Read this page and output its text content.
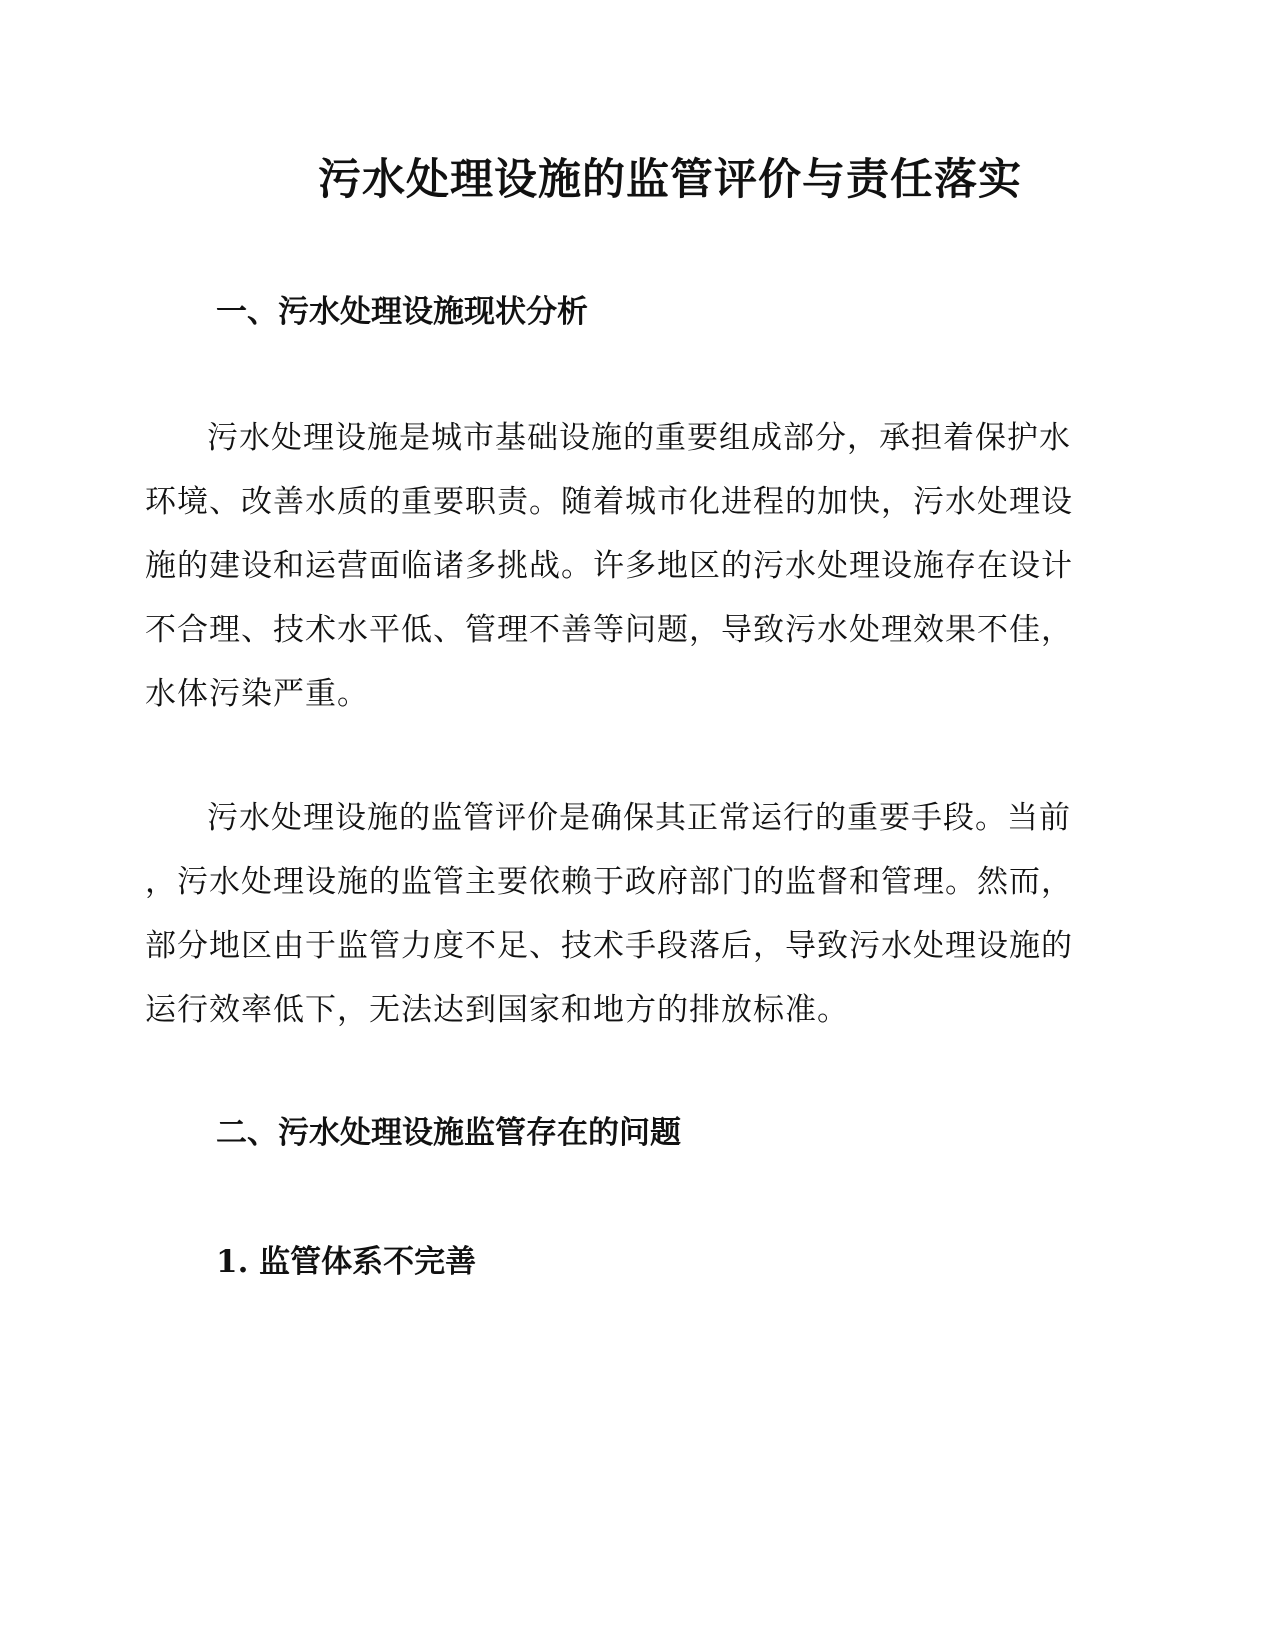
污水处理设施的监管评价与责任落实
一、污水处理设施现状分析

污水处理设施是城市基础设施的重要组成部分，承担着保护水

环境、改善水质的重要职责。随着城市化进程的加快，污水处理设

施的建设和运营面临诸多挑战。许多地区的污水处理设施存在设计

不合理、技术水平低、管理不善等问题，导致污水处理效果不佳，

水体污染严重。

污水处理设施的监管评价是确保其正常运行的重要手段。当前

，污水处理设施的监管主要依赖于政府部门的监督和管理。然而，

部分地区由于监管力度不足、技术手段落后，导致污水处理设施的

运行效率低下，无法达到国家和地方的排放标准。

二、污水处理设施监管存在的问题
1. 监管体系不完善
